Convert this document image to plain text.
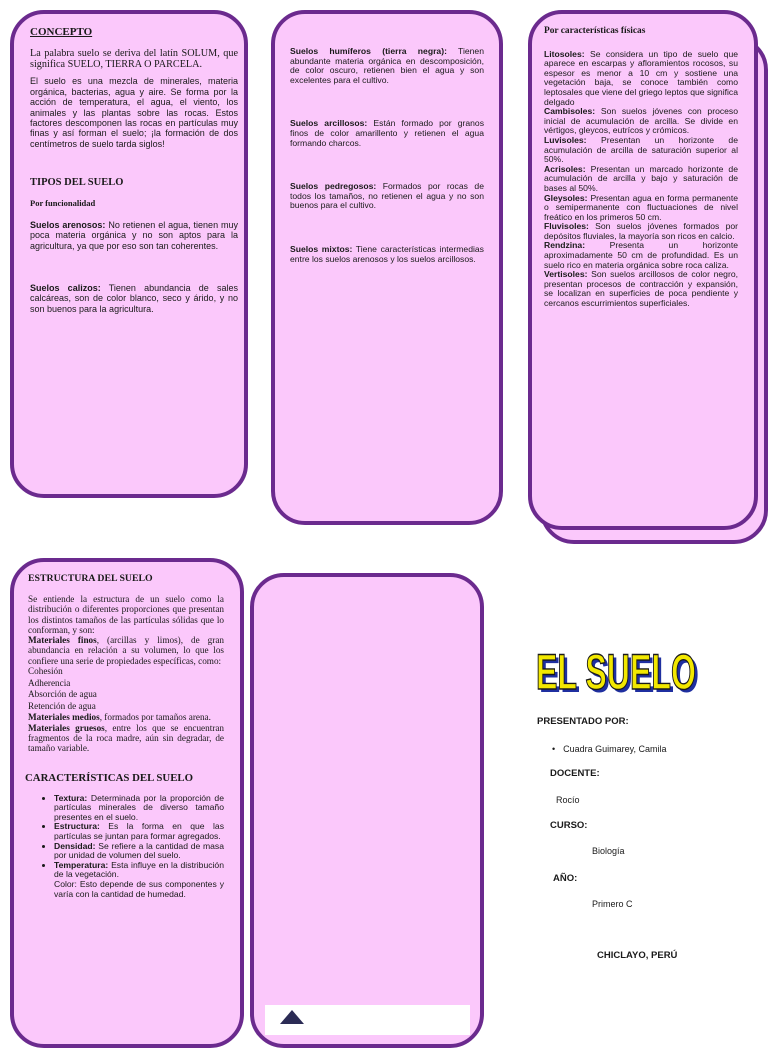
CONCEPTO

La palabra suelo se deriva del latín SOLUM, que significa SUELO, TIERRA O PARCELA.

El suelo es una mezcla de minerales, materia orgánica, bacterias, agua y aire. Se forma por la acción de temperatura, el agua, el viento, los animales y las plantas sobre las rocas. Estos factores descomponen las rocas en partículas muy finas y así forman el suelo; ¡la formación de dos centímetros de suelo tarda siglos!

TIPOS DEL SUELO

Por funcionalidad

Suelos arenosos: No retienen el agua, tienen muy poca materia orgánica y no son aptos para la agricultura, ya que por eso son tan coherentes.

Suelos calizos: Tienen abundancia de sales calcáreas, son de color blanco, seco y árido, y no son buenos para la agricultura.

Suelos humíferos (tierra negra): Tienen abundante materia orgánica en descomposición, de color oscuro, retienen bien el agua y son excelentes para el cultivo.

Suelos arcillosos: Están formado por granos finos de color amarillento y retienen el agua formando charcos.

Suelos pedregosos: Formados por rocas de todos los tamaños, no retienen el agua y no son buenos para el cultivo.

Suelos mixtos: Tiene características intermedias entre los suelos arenosos y los suelos arcillosos.

Por características físicas

Litosoles: Se considera un tipo de suelo que aparece en escarpas y afloramientos rocosos, su espesor es menor a 10 cm y sostiene una vegetación baja, se conoce también como leptosales que viene del griego leptos que significa delgado

Cambisoles: Son suelos jóvenes con proceso inicial de acumulación de arcilla. Se divide en vértigos, gleycos, eutrícos y crómicos.

Luvisoles: Presentan un horizonte de acumulación de arcilla de saturación superior al 50%.

Acrisoles: Presentan un marcado horizonte de acumulación de arcilla y bajo y saturación de bases al 50%.

Gleysoles: Presentan agua en forma permanente o semipermanente con fluctuaciones de nivel freático en los primeros 50 cm.

Fluvisoles: Son suelos jóvenes formados por depósitos fluviales, la mayoría son ricos en calcio.

Rendzina: Presenta un horizonte aproximadamente 50 cm de profundidad. Es un suelo rico en materia orgánica sobre roca caliza.

Vertisoles: Son suelos arcillosos de color negro, presentan procesos de contracción y expansión, se localizan en superficies de poca pendiente y cercanos escurrimientos superficiales.

ESTRUCTURA DEL SUELO

Se entiende la estructura de un suelo como la distribución o diferentes proporciones que presentan los distintos tamaños de las partículas sólidas que lo conforman, y son:

Materiales finos, (arcillas y limos), de gran abundancia en relación a su volumen, lo que los confiere una serie de propiedades específicas, como:

Cohesión

Adherencia

Absorción de agua

Retención de agua

Materiales medios, formados por tamaños arena.

Materiales gruesos, entre los que se encuentran fragmentos de la roca madre, aún sin degradar, de tamaño variable.

CARACTERÍSTICAS DEL SUELO

• Textura: Determinada por la proporción de partículas minerales de diverso tamaño presentes en el suelo.
• Estructura: Es la forma en que las partículas se juntan para formar agregados.
• Densidad: Se refiere a la cantidad de masa por unidad de volumen del suelo.
• Temperatura: Esta influye en la distribución de la vegetación.
Color: Esto depende de sus componentes y varía con la cantidad de humedad.
EL SUELO
EL SUELO
PRESENTADO POR:
• Cuadra Guimarey, Camila
DOCENTE:
Rocío
CURSO:
Biología
AÑO:
Primero C
CHICLAYO, PERÚ
